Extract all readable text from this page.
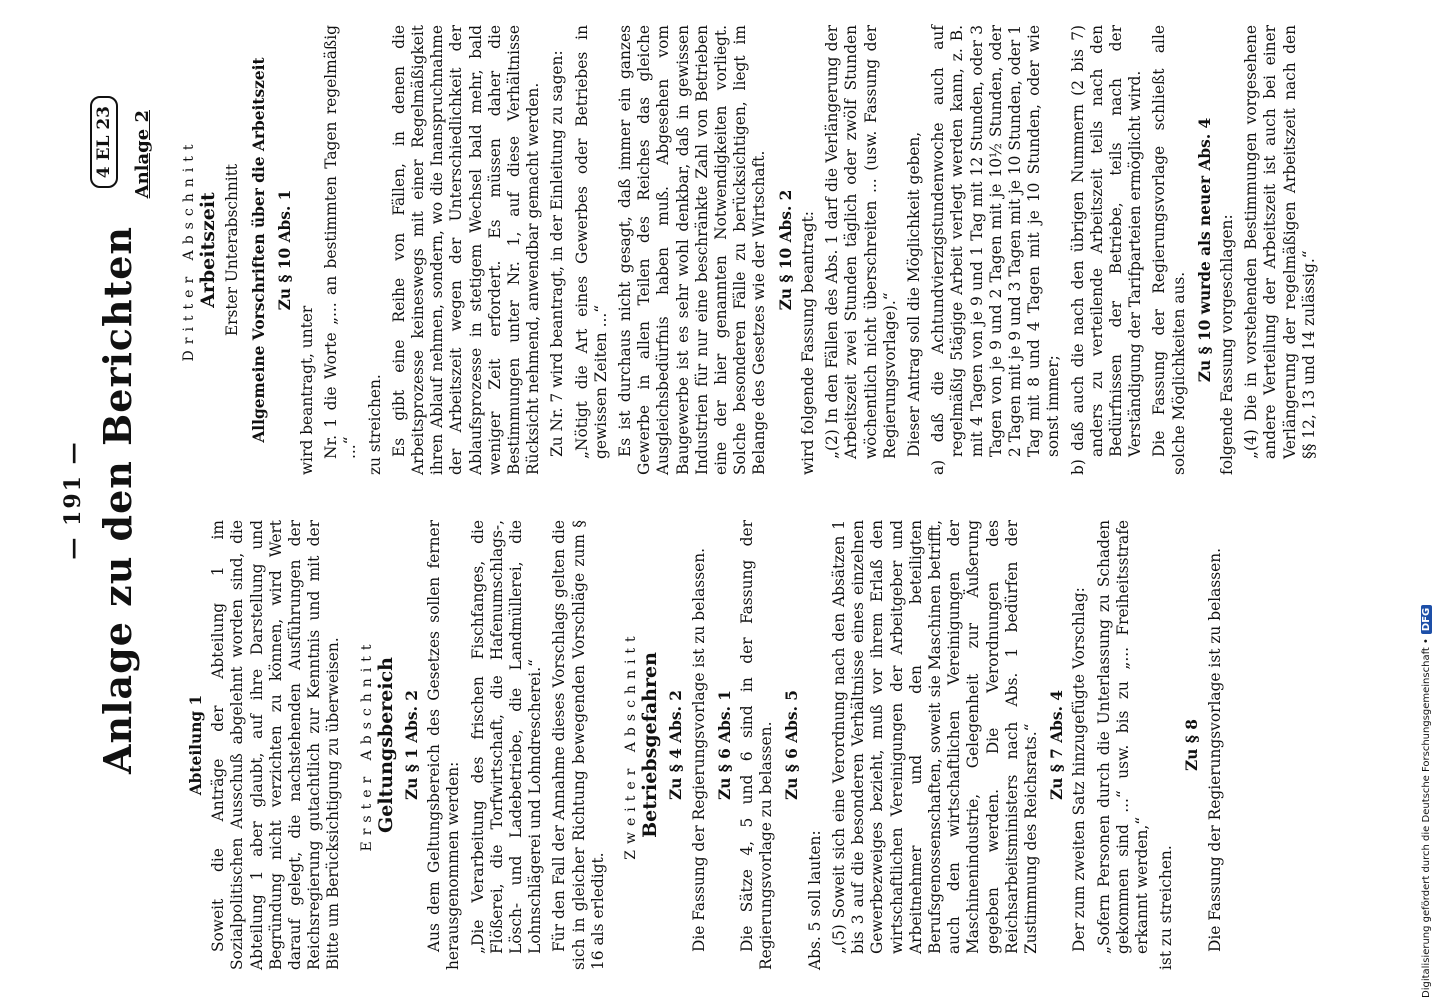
— 191 — Anlage zu den Berichten	Abteilung 1 Soweit die Anträge der Abteilung 1 im Sozialpolitischen Ausschuß abgelehnt worden sind, die Abteilung 1 aber glaubt, auf ihre Darstellung und Begründung nicht verzichten zu können, wird Wert darauf gelegt, die nachstehenden Ausführungen der Reichsregierung gutachtlich zur Kenntnis und mit der Bitte um Berücksichtigung zu überweisen. Erster Abschnitt Geltungsbereich Zu § 1 Abs. 2 Aus dem Geltungsbereich des Gesetzes sollen ferner herausgenommen werden: „Die Verarbeitung des frischen Fischfanges, die Flößerei, die Torfwirtschaft, die Hafenumschlags-, Lösch- und Ladebetriebe, die Landmüllerei, die Lohnschlägerei und Lohndrescherei.“ Für den Fall der Annahme dieses Vorschlags gelten die sich in gleicher Richtung bewegenden Vorschläge zum § 16 als erledigt.

Zweiter Abschnitt Betriebsgefahren Zu § 4 Abs. 2 Die Fassung der Regierungsvorlage ist zu belassen. Zu § 6 Abs. 1 Die Sätze 4, 5 und 6 sind in der Fassung der Regierungsvorlage zu belassen. Zu § 6 Abs. 5

Abs. 5 soll lauten: „(5) Soweit sich eine Verordnung nach den Absätzen 1 bis 3 auf die besonderen Verhältnisse eines einzelnen Gewerbezweiges bezieht, muß vor ihrem Erlaß den wirtschaftlichen Vereinigungen der Arbeitgeber und Arbeitnehmer und den beteiligten Berufsgenossenschaften, soweit sie Maschinen betrifft, auch den wirtschaftlichen Vereinigungen der Maschinenindustrie, Gelegenheit zur Äußerung gegeben werden. Die Verordnungen des Reichsarbeitsministers nach Abs. 1 bedürfen der Zustimmung des Reichsrats.“ Zu § 7 Abs. 4 Der zum zweiten Satz hinzugefügte Vorschlag: „Sofern Personen durch die Unterlassung zu Schaden gekommen sind ...“ usw. bis zu „... Freiheitsstrafe erkannt werden,“ ist zu streichen.

Zu § 8 Die Fassung der Regierungsvorlage ist zu belassen.

Dritter Abschnitt Arbeitszeit Erster Unterabschnitt Allgemeine Vorschriften über die Arbeitszeit Zu § 10 Abs. 1

wird beantragt, unter Nr. 1 die Worte „... an bestimmten Tagen regelmäßig ...“ zu streichen. Es gibt eine Reihe von Fällen, in denen die Arbeitsprozesse keineswegs mit einer Regelmäßigkeit ihren Ablauf nehmen, sondern, wo die Inanspruchnahme der Arbeitszeit wegen der Unterschiedlichkeit der Ablaufsprozesse in stetigem Wechsel bald mehr, bald weniger Zeit erfordert. Es müssen daher die Bestimmungen unter Nr. 1, auf diese Verhältnisse Rücksicht nehmend, anwendbar gemacht werden. Zu Nr. 7 wird beantragt, in der Einleitung zu sagen: „Nötigt die Art eines Gewerbes oder Betriebes in gewissen Zeiten ...“ Es ist durchaus nicht gesagt, daß immer ein ganzes Gewerbe in allen Teilen des Reiches das gleiche Ausgleichsbedürfnis haben muß. Abgesehen vom Baugewerbe ist es sehr wohl denkbar, daß in gewissen Industrien für nur eine beschränkte Zahl von Betrieben eine der hier genannten Notwendigkeiten vorliegt. Solche besonderen Fälle zu berücksichtigen, liegt im Belange des Gesetzes wie der Wirtschaft. Zu § 10 Abs. 2 wird folgende Fassung beantragt: „(2) In den Fällen des Abs. 1 darf die Verlängerung der Arbeitszeit zwei Stunden täglich oder zwölf Stunden wöchentlich nicht überschreiten ... (usw. Fassung der Regierungsvorlage).“ Dieser Antrag soll die Möglichkeit geben, a) daß die Achtundvierzigstundenwoche auch auf regelmäßig 5tägige Arbeit verlegt werden kann, z. B. mit 4 Tagen von je 9 und 1 Tag mit 12 Stunden, oder 3 Tagen von je 9 und 2 Tagen mit je 10½ Stunden, oder 2 Tagen mit je 9 und 3 Tagen mit je 10 Stunden, oder 1 Tag mit 8 und 4 Tagen mit je 10 Stunden, oder wie sonst immer; b) daß auch die nach den übrigen Nummern (2 bis 7) anders zu verteilende Arbeitszeit teils nach den Bedürfnissen der Betriebe, teils nach der Verständigung der Tarifparteien ermöglicht wird. Die Fassung der Regierungsvorlage schließt alle solche Möglichkeiten aus. Zu § 10 wurde als neuer Abs. 4 folgende Fassung vorgeschlagen: „(4) Die in vorstehenden Bestimmungen vorgesehene andere Verteilung der Arbeitszeit ist auch bei einer Verlängerung der regelmäßigen Arbeitszeit nach den §§ 12, 13 und 14 zulässig.“

4 EL 23 Anlage 2
Digitalisierung gefördert durch die Deutsche Forschungsgemeinschaft •
DFG
